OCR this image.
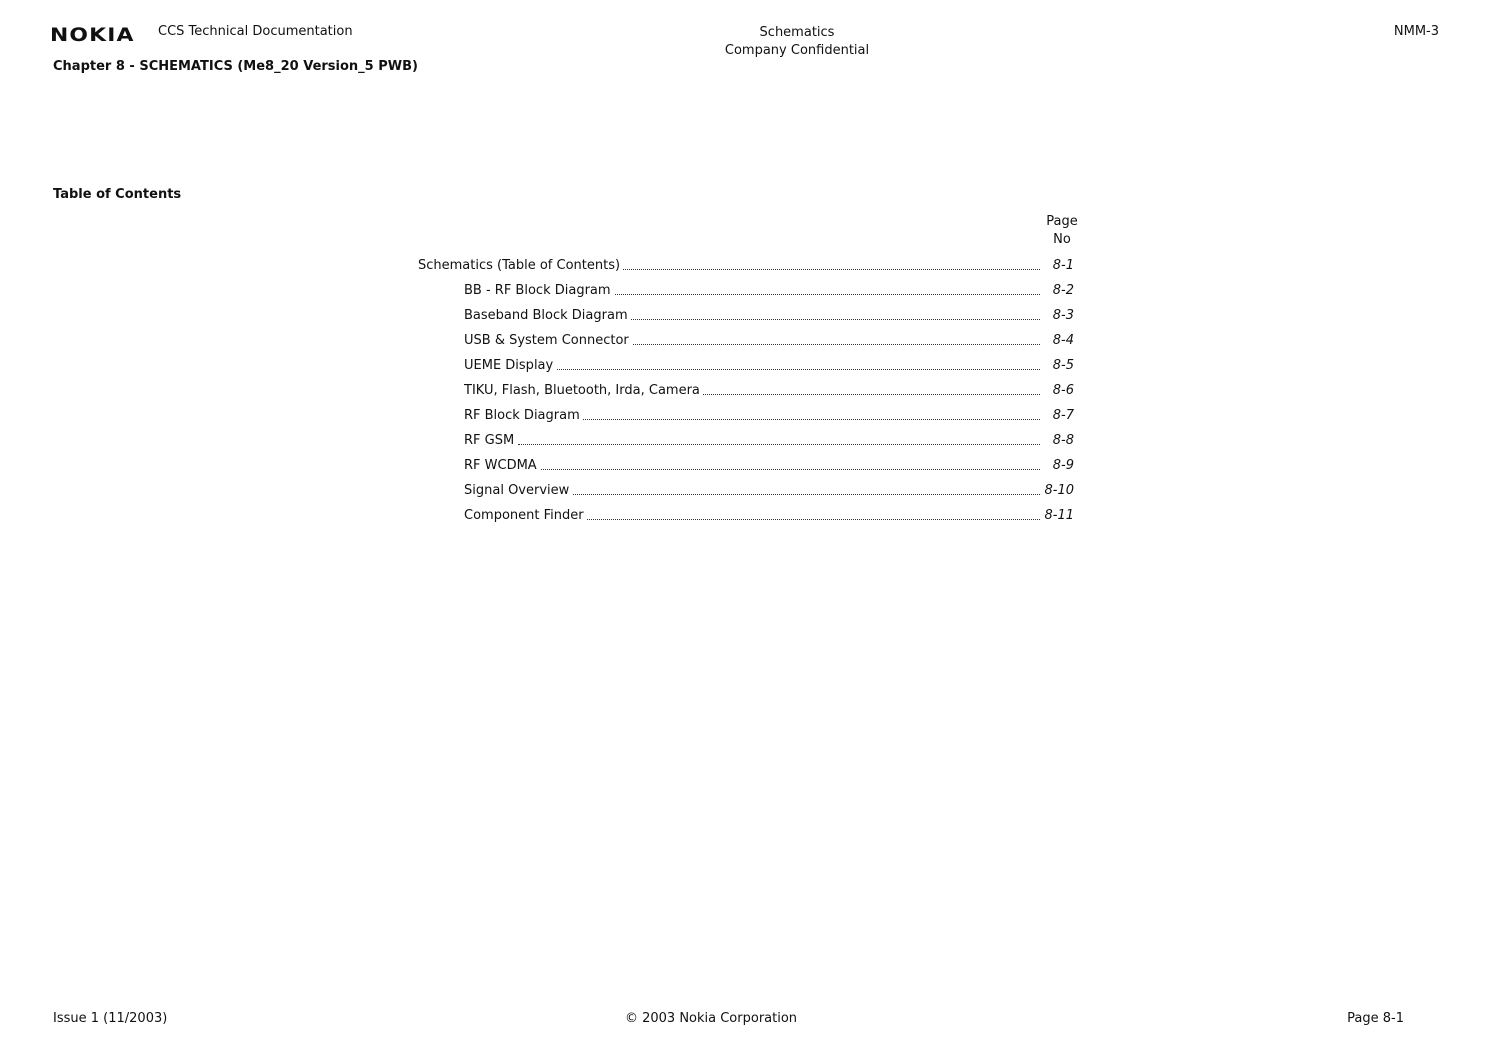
NOKIA CCS Technical Documentation	Schematics
Company Confidential
NMM-3
Chapter 8 - SCHEMATICS (Me8_20 Version_5 PWB)
Table of Contents
Page
No
Schematics (Table of Contents)	8-1
BB - RF Block Diagram	8-2
Baseband Block Diagram	8-3
USB & System Connector	8-4
UEME Display	8-5
TIKU, Flash, Bluetooth, Irda, Camera	8-6
RF Block Diagram	8-7
RF GSM	8-8
RF WCDMA	8-9
Signal Overview	8-10
Component Finder	8-11
Issue 1 (11/2003)	© 2003 Nokia Corporation	Page 8-1
